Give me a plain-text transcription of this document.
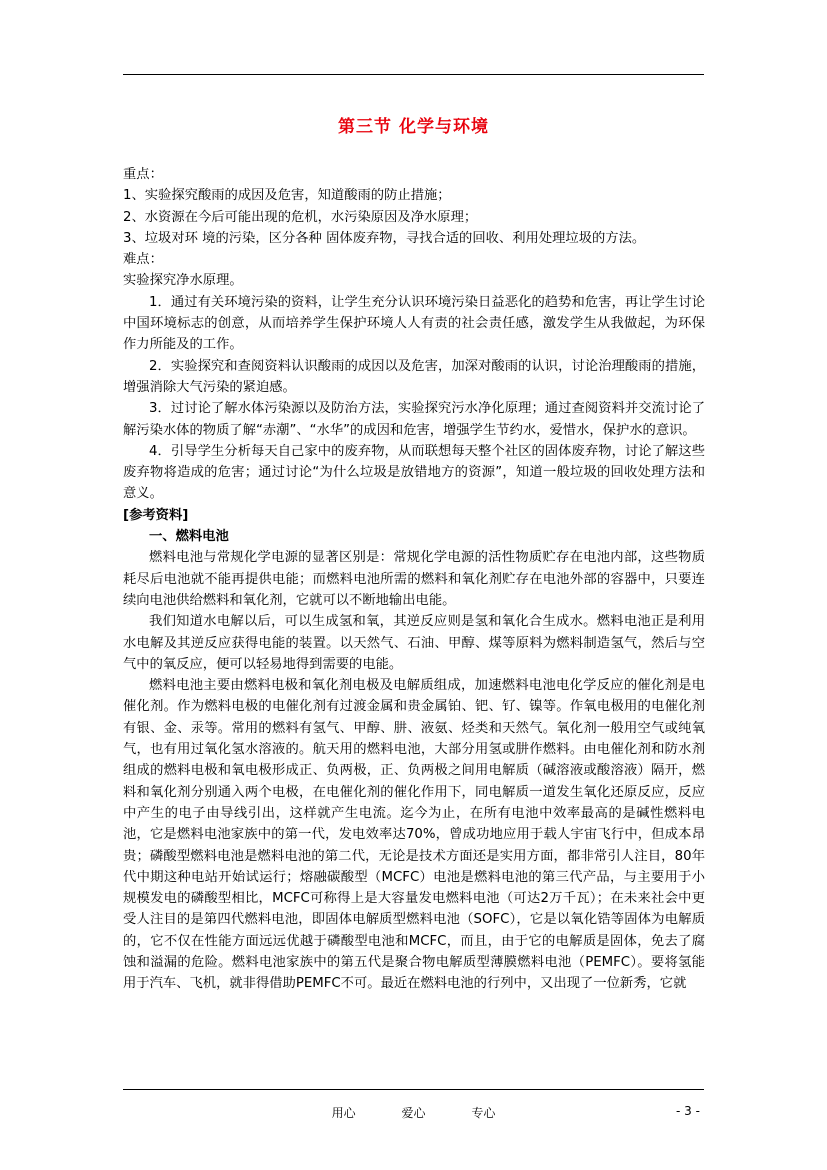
第三节 化学与环境

重点：

1、实验探究酸雨的成因及危害，知道酸雨的防止措施；

2、水资源在今后可能出现的危机，水污染原因及净水原理；

3、垃圾对环 境的污染，区分各种 固体废弃物，寻找合适的回收、利用处理垃圾的方法。

难点：

实验探究净水原理。

1．通过有关环境污染的资料，让学生充分认识环境污染日益恶化的趋势和危害，再让学生讨论中国环境标志的创意，从而培养学生保护环境人人有责的社会责任感，激发学生从我做起，为环保作力所能及的工作。

2．实验探究和查阅资料认识酸雨的成因以及危害，加深对酸雨的认识，讨论治理酸雨的措施，增强消除大气污染的紧迫感。

3．过讨论了解水体污染源以及防治方法，实验探究污水净化原理；通过查阅资料并交流讨论了解污染水体的物质了解“赤潮”、“水华”的成因和危害，增强学生节约水，爱惜水，保护水的意识。

4．引导学生分析每天自己家中的废弃物，从而联想每天整个社区的固体废弃物，讨论了解这些废弃物将造成的危害；通过讨论“为什么垃圾是放错地方的资源”，知道一般垃圾的回收处理方法和意义。

[参考资料]

一、燃料电池

燃料电池与常规化学电源的显著区别是：常规化学电源的活性物质贮存在电池内部，这些物质耗尽后电池就不能再提供电能；而燃料电池所需的燃料和氧化剂贮存在电池外部的容器中，只要连续向电池供给燃料和氧化剂，它就可以不断地输出电能。

我们知道水电解以后，可以生成氢和氧，其逆反应则是氢和氧化合生成水。燃料电池正是利用水电解及其逆反应获得电能的装置。以天然气、石油、甲醇、煤等原料为燃料制造氢气，然后与空气中的氧反应，便可以轻易地得到需要的电能。

燃料电池主要由燃料电极和氧化剂电极及电解质组成，加速燃料电池电化学反应的催化剂是电催化剂。作为燃料电极的电催化剂有过渡金属和贵金属铂、钯、钌、镍等。作氧电极用的电催化剂有银、金、汞等。常用的燃料有氢气、甲醇、肼、液氨、烃类和天然气。氧化剂一般用空气或纯氧气，也有用过氧化氢水溶液的。航天用的燃料电池，大部分用氢或肼作燃料。由电催化剂和防水剂组成的燃料电极和氧电极形成正、负两极，正、负两极之间用电解质（碱溶液或酸溶液）隔开，燃料和氧化剂分别通入两个电极，在电催化剂的催化作用下，同电解质一道发生氧化还原反应，反应中产生的电子由导线引出，这样就产生电流。迄今为止，在所有电池中效率最高的是碱性燃料电池，它是燃料电池家族中的第一代，发电效率达70%，曾成功地应用于载人宇宙飞行中，但成本昂贵；磷酸型燃料电池是燃料电池的第二代，无论是技术方面还是实用方面，都非常引人注目，80年代中期这种电站开始试运行；熔融碳酸型（MCFC）电池是燃料电池的第三代产品，与主要用于小规模发电的磷酸型相比，MCFC可称得上是大容量发电燃料电池（可达2万千瓦）；在未来社会中更受人注目的是第四代燃料电池，即固体电解质型燃料电池（SOFC），它是以氧化锆等固体为电解质的，它不仅在性能方面远远优越于磷酸型电池和MCFC，而且，由于它的电解质是固体，免去了腐蚀和溢漏的危险。燃料电池家族中的第五代是聚合物电解质型薄膜燃料电池（PEMFC）。要将氢能用于汽车、飞机，就非得借助PEMFC不可。最近在燃料电池的行列中，又出现了一位新秀，它就

用心	爱心	专心	- 3 -
